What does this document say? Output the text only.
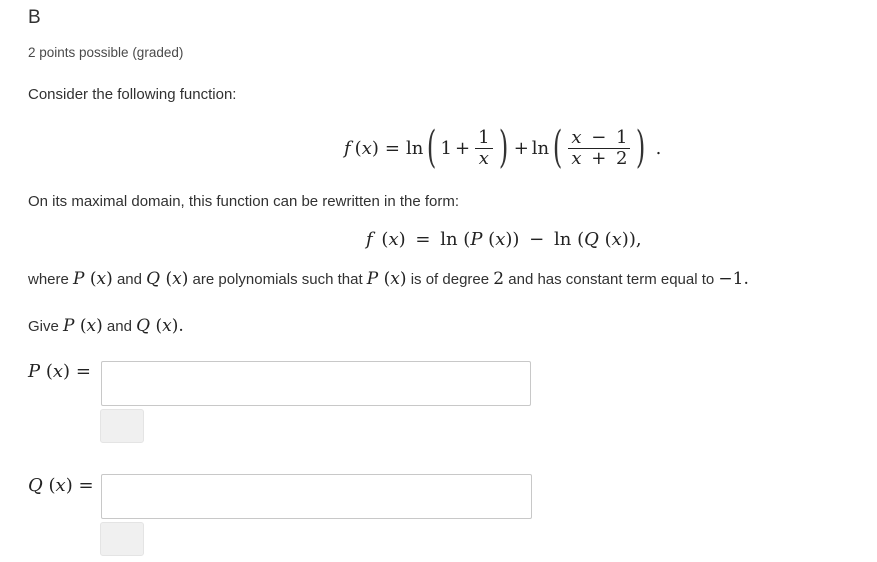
B
2 points possible (graded)
Consider the following function:
f ( x ) = ln ( $1 + \frac{1}{x}$ ) + ln ( $\frac{x - 1}{x + 2}$ ) .
On its maximal domain, this function can be rewritten in the form:
f (x) = ln (P (x)) − ln (Q (x)),
where P (x) and Q (x) are polynomials such that P (x) is of degree 2 and has constant term equal to −1.
Give P (x) and Q (x).
P (x) =
Q (x) =
